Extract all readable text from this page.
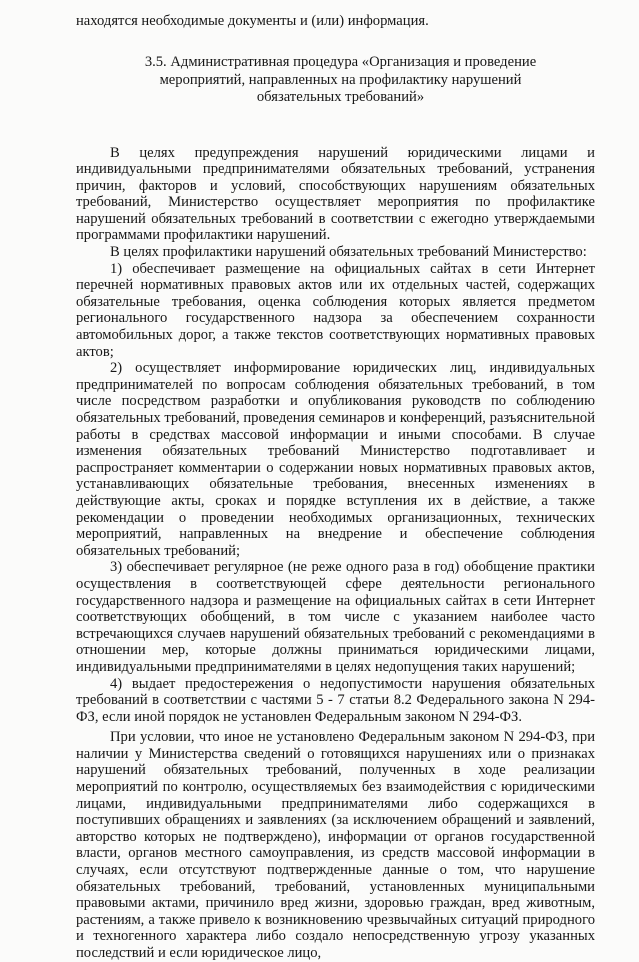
находятся необходимые документы и (или) информация.

3.5. Административная процедура «Организация и проведение
мероприятий, направленных на профилактику нарушений
обязательных требований»

В целях предупреждения нарушений юридическими лицами и индивидуальными предпринимателями обязательных требований, устранения причин, факторов и условий, способствующих нарушениям обязательных требований, Министерство осуществляет мероприятия по профилактике нарушений обязательных требований в соответствии с ежегодно утверждаемыми программами профилактики нарушений.

В целях профилактики нарушений обязательных требований Министерство:

1) обеспечивает размещение на официальных сайтах в сети Интернет перечней нормативных правовых актов или их отдельных частей, содержащих обязательные требования, оценка соблюдения которых является предметом регионального государственного надзора за обеспечением сохранности автомобильных дорог, а также текстов соответствующих нормативных правовых актов;

2) осуществляет информирование юридических лиц, индивидуальных предпринимателей по вопросам соблюдения обязательных требований, в том числе посредством разработки и опубликования руководств по соблюдению обязательных требований, проведения семинаров и конференций, разъяснительной работы в средствах массовой информации и иными способами. В случае изменения обязательных требований Министерство подготавливает и распространяет комментарии о содержании новых нормативных правовых актов, устанавливающих обязательные требования, внесенных изменениях в действующие акты, сроках и порядке вступления их в действие, а также рекомендации о проведении необходимых организационных, технических мероприятий, направленных на внедрение и обеспечение соблюдения обязательных требований;

3) обеспечивает регулярное (не реже одного раза в год) обобщение практики осуществления в соответствующей сфере деятельности регионального государственного надзора и размещение на официальных сайтах в сети Интернет соответствующих обобщений, в том числе с указанием наиболее часто встречающихся случаев нарушений обязательных требований с рекомендациями в отношении мер, которые должны приниматься юридическими лицами, индивидуальными предпринимателями в целях недопущения таких нарушений;

4) выдает предостережения о недопустимости нарушения обязательных требований в соответствии с частями 5 - 7 статьи 8.2 Федерального закона N 294-ФЗ, если иной порядок не установлен Федеральным законом N 294-ФЗ.

При условии, что иное не установлено Федеральным законом N 294-ФЗ, при наличии у Министерства сведений о готовящихся нарушениях или о признаках нарушений обязательных требований, полученных в ходе реализации мероприятий по контролю, осуществляемых без взаимодействия с юридическими лицами, индивидуальными предпринимателями либо содержащихся в поступивших обращениях и заявлениях (за исключением обращений и заявлений, авторство которых не подтверждено), информации от органов государственной власти, органов местного самоуправления, из средств массовой информации в случаях, если отсутствуют подтвержденные данные о том, что нарушение обязательных требований, требований, установленных муниципальными правовыми актами, причинило вред жизни, здоровью граждан, вред животным, растениям, а также привело к возникновению чрезвычайных ситуаций природного и техногенного характера либо создало непосредственную угрозу указанных последствий и если юридическое лицо,
